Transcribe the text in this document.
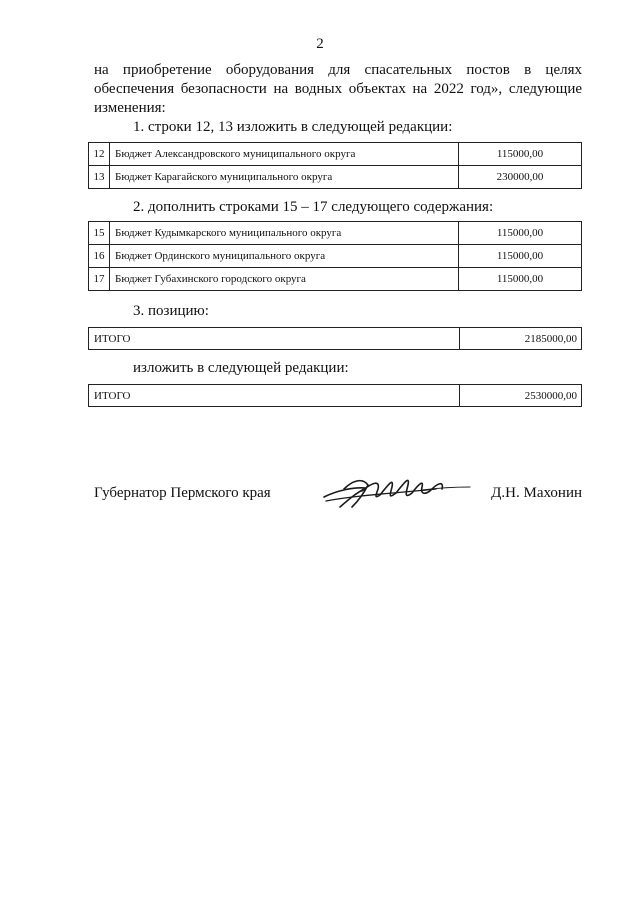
2
на приобретение оборудования для спасательных постов в целях
обеспечения безопасности на водных объектах на 2022 год», следующие
изменения:
1. строки 12, 13 изложить в следующей редакции:
12	Бюджет Александровского муниципального округа	115000,00
13	Бюджет Карагайского муниципального округа	230000,00
2. дополнить строками 15 – 17 следующего содержания:
15	Бюджет Кудымкарского муниципального округа	115000,00
16	Бюджет Ординского муниципального округа	115000,00
17	Бюджет Губахинского городского округа	115000,00
3. позицию:
ИТОГО	2185000,00
изложить в следующей редакции:
ИТОГО	2530000,00
Губернатор Пермского края	Д.Н. Махонин
